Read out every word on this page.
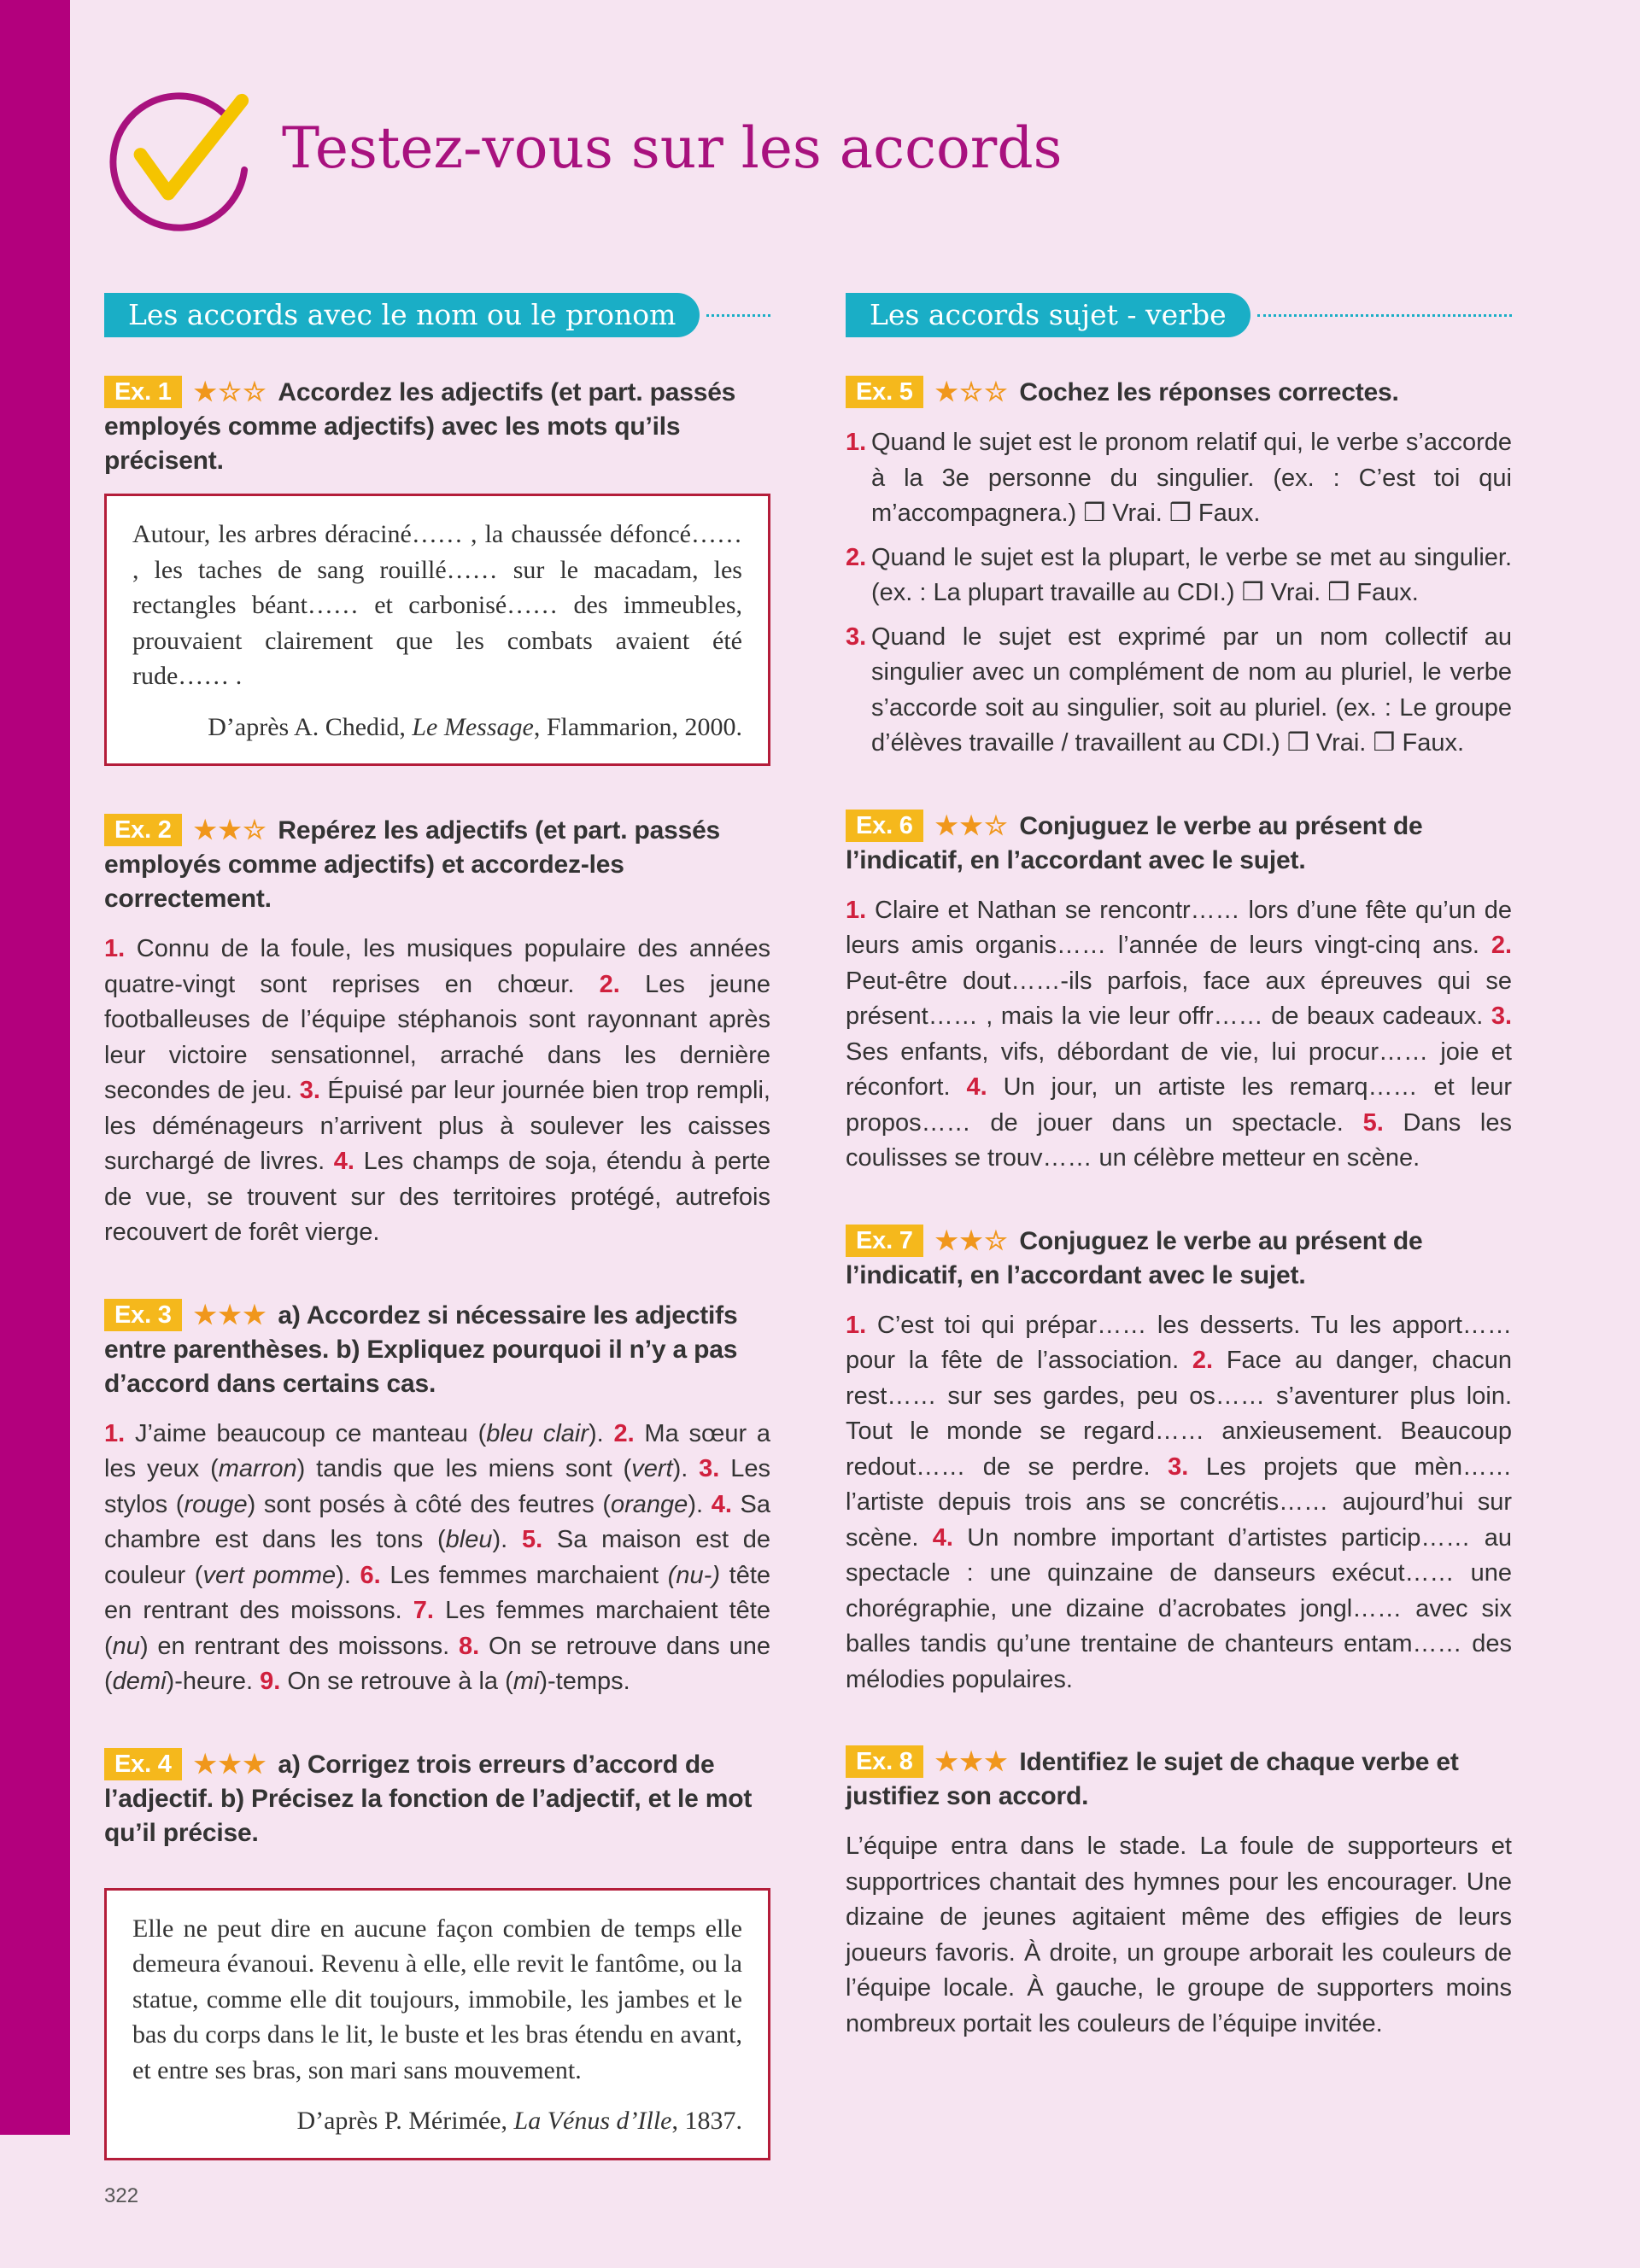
Testez-vous sur les accords
Les accords avec le nom ou le pronom
Ex. 1 ★☆☆ Accordez les adjectifs (et part. passés employés comme adjectifs) avec les mots qu’ils précisent.
Autour, les arbres déraciné…… , la chaussée défoncé…… , les taches de sang rouillé…… sur le macadam, les rectangles béant…… et carbonisé…… des immeubles, prouvaient clairement que les combats avaient été rude…… .
D’après A. Chedid, Le Message, Flammarion, 2000.
Ex. 2 ★★☆ Repérez les adjectifs (et part. passés employés comme adjectifs) et accordez-les correctement.

1. Connu de la foule, les musiques populaire des années quatre-vingt sont reprises en chœur. 2. Les jeune footballeuses de l’équipe stéphanois sont rayonnant après leur victoire sensationnel, arraché dans les dernière secondes de jeu. 3. Épuisé par leur journée bien trop rempli, les déménageurs n’arrivent plus à soulever les caisses surchargé de livres. 4. Les champs de soja, étendu à perte de vue, se trouvent sur des territoires protégé, autrefois recouvert de forêt vierge.

Ex. 3 ★★★ a) Accordez si nécessaire les adjectifs entre parenthèses. b) Expliquez pourquoi il n’y a pas d’accord dans certains cas.

1. J’aime beaucoup ce manteau (bleu clair). 2. Ma sœur a les yeux (marron) tandis que les miens sont (vert). 3. Les stylos (rouge) sont posés à côté des feutres (orange). 4. Sa chambre est dans les tons (bleu). 5. Sa maison est de couleur (vert pomme). 6. Les femmes marchaient (nu-) tête en rentrant des moissons. 7. Les femmes marchaient tête (nu) en rentrant des moissons. 8. On se retrouve dans une (demi)-heure. 9. On se retrouve à la (mi)-temps.

Ex. 4 ★★★ a) Corrigez trois erreurs d’accord de l’adjectif. b) Précisez la fonction de l’adjectif, et le mot qu’il précise.
Elle ne peut dire en aucune façon combien de temps elle demeura évanoui. Revenu à elle, elle revit le fantôme, ou la statue, comme elle dit toujours, immobile, les jambes et le bas du corps dans le lit, le buste et les bras étendu en avant, et entre ses bras, son mari sans mouvement.
D’après P. Mérimée, La Vénus d’Ille, 1837.
Les accords sujet - verbe
Ex. 5 ★☆☆ Cochez les réponses correctes.
1. Quand le sujet est le pronom relatif qui, le verbe s’accorde à la 3e personne du singulier. (ex. : C’est toi qui m’accompagnera.) ❒ Vrai. ❒ Faux.
2. Quand le sujet est la plupart, le verbe se met au singulier. (ex. : La plupart travaille au CDI.) ❒ Vrai. ❒ Faux.
3. Quand le sujet est exprimé par un nom collectif au singulier avec un complément de nom au pluriel, le verbe s’accorde soit au singulier, soit au pluriel. (ex. : Le groupe d’élèves travaille / travaillent au CDI.) ❒ Vrai. ❒ Faux.
Ex. 6 ★★☆ Conjuguez le verbe au présent de l’indicatif, en l’accordant avec le sujet.

1. Claire et Nathan se rencontr…… lors d’une fête qu’un de leurs amis organis…… l’année de leurs vingt-cinq ans. 2. Peut-être dout……-ils parfois, face aux épreuves qui se présent…… , mais la vie leur offr…… de beaux cadeaux. 3. Ses enfants, vifs, débordant de vie, lui procur…… joie et réconfort. 4. Un jour, un artiste les remarq…… et leur propos…… de jouer dans un spectacle. 5. Dans les coulisses se trouv…… un célèbre metteur en scène.

Ex. 7 ★★☆ Conjuguez le verbe au présent de l’indicatif, en l’accordant avec le sujet.

1. C’est toi qui prépar…… les desserts. Tu les apport…… pour la fête de l’association. 2. Face au danger, chacun rest…… sur ses gardes, peu os…… s’aventurer plus loin. Tout le monde se regard…… anxieusement. Beaucoup redout…… de se perdre. 3. Les projets que mèn…… l’artiste depuis trois ans se concrétis…… aujourd’hui sur scène. 4. Un nombre important d’artistes particip…… au spectacle : une quinzaine de danseurs exécut…… une chorégraphie, une dizaine d’acrobates jongl…… avec six balles tandis qu’une trentaine de chanteurs entam…… des mélodies populaires.

Ex. 8 ★★★ Identifiez le sujet de chaque verbe et justifiez son accord.

L’équipe entra dans le stade. La foule de supporteurs et supportrices chantait des hymnes pour les encourager. Une dizaine de jeunes agitaient même des effigies de leurs joueurs favoris. À droite, un groupe arborait les couleurs de l’équipe locale. À gauche, le groupe de supporters moins nombreux portait les couleurs de l’équipe invitée.

322
